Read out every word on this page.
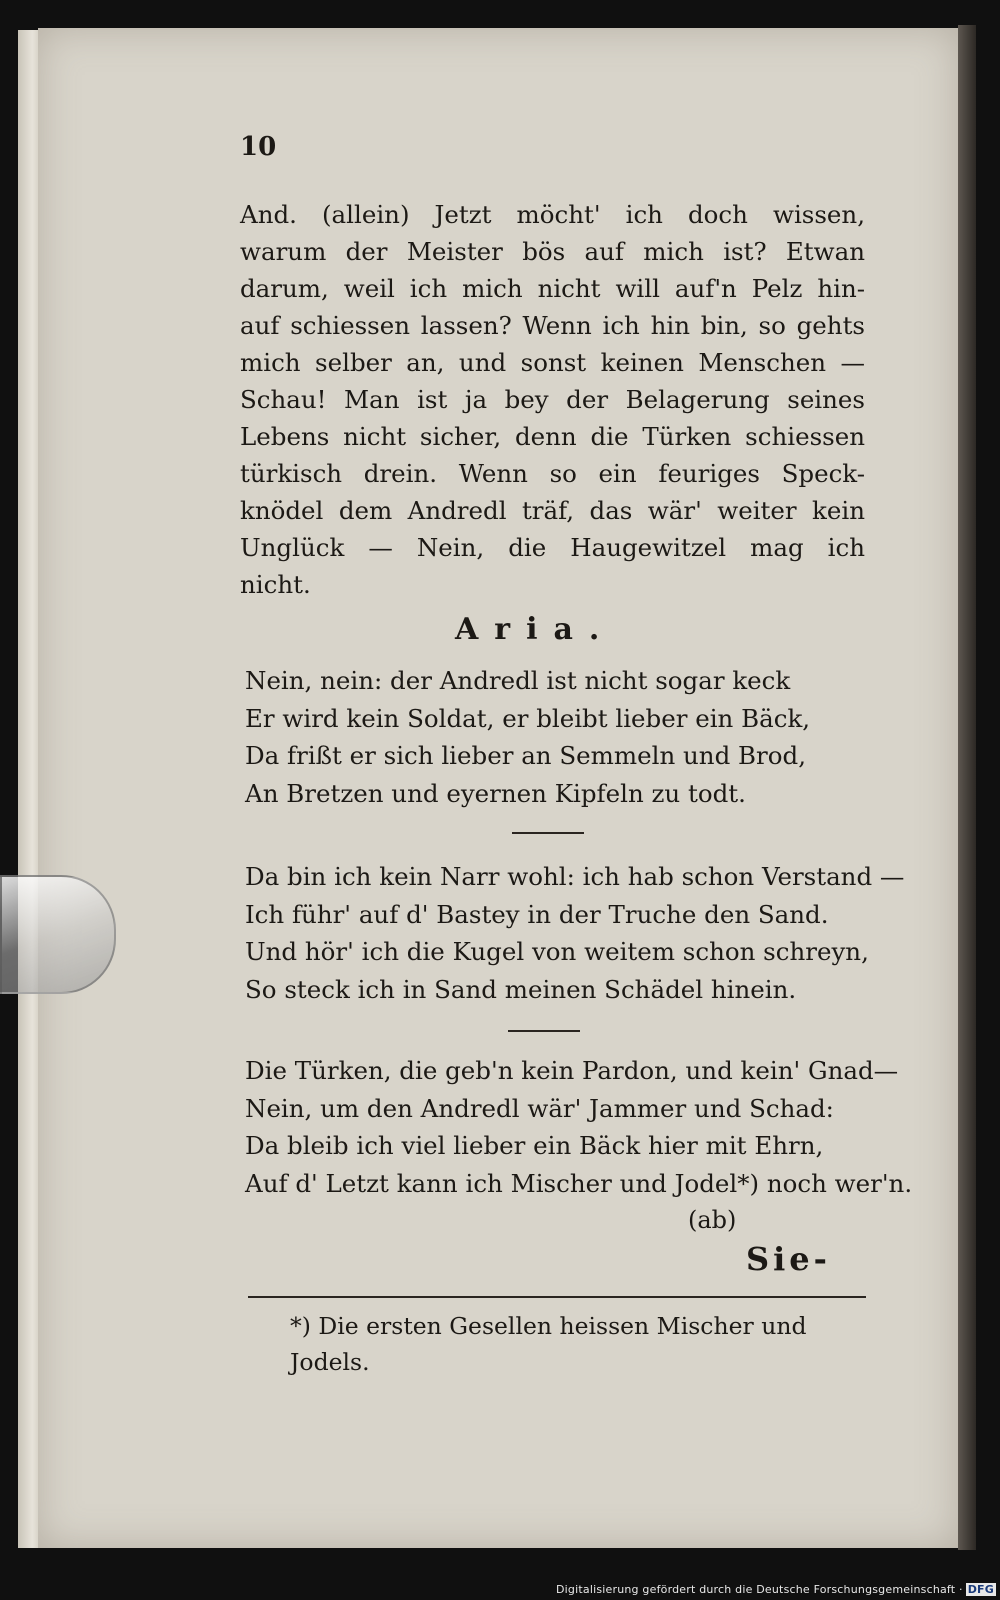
10
And. (allein) Jetzt möcht' ich doch wissen,
warum der Meister bös auf mich ist? Etwan
darum, weil ich mich nicht will auf'n Pelz hin-
auf schiessen lassen? Wenn ich hin bin, so gehts
mich selber an, und sonst keinen Menschen —
Schau! Man ist ja bey der Belagerung seines
Lebens nicht sicher, denn die Türken schiessen
türkisch drein. Wenn so ein feuriges Speck-
knödel dem Andredl träf, das wär' weiter kein
Unglück — Nein, die Haugewitzel mag ich
nicht.
Aria.
Nein, nein: der Andredl ist nicht sogar keck
Er wird kein Soldat, er bleibt lieber ein Bäck,
Da frißt er sich lieber an Semmeln und Brod,
An Bretzen und eyernen Kipfeln zu todt.
Da bin ich kein Narr wohl: ich hab schon Verstand —
Ich führ' auf d' Bastey in der Truche den Sand.
Und hör' ich die Kugel von weitem schon schreyn,
So steck ich in Sand meinen Schädel hinein.
Die Türken, die geb'n kein Pardon, und kein' Gnad—
Nein, um den Andredl wär' Jammer und Schad:
Da bleib ich viel lieber ein Bäck hier mit Ehrn,
Auf d' Letzt kann ich Mischer und Jodel*) noch wer'n.
(ab)
Sie-
*) Die ersten Gesellen heissen Mischer und
Jodels.
Digitalisierung gefördert durch die Deutsche Forschungsgemeinschaft · DFG
